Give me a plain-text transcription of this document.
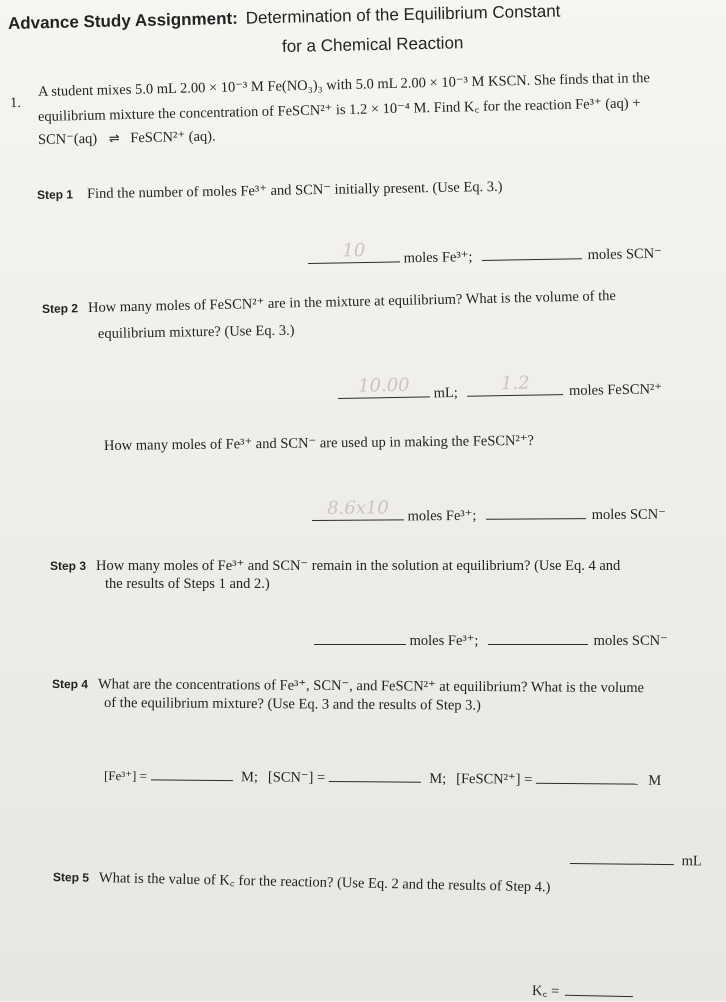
Advance Study Assignment: Determination of the Equilibrium Constant
for a Chemical Reaction
1.
A student mixes 5.0 mL 2.00 × 10⁻³ M Fe(NO₃)₃ with 5.0 mL 2.00 × 10⁻³ M KSCN. She finds that in the
equilibrium mixture the concentration of FeSCN²⁺ is 1.2 × 10⁻⁴ M. Find K꜀ for the reaction Fe³⁺ (aq) +
SCN⁻(aq) ⇌ FeSCN²⁺ (aq).
Step 1 Find the number of moles Fe³⁺ and SCN⁻ initially present. (Use Eq. 3.)
10	moles Fe³⁺;	moles SCN⁻
Step 2 How many moles of FeSCN²⁺ are in the mixture at equilibrium? What is the volume of the
equilibrium mixture? (Use Eq. 3.)
10.00 mL; 1.2	moles FeSCN²⁺
How many moles of Fe³⁺ and SCN⁻ are used up in making the FeSCN²⁺?
8.6x10 moles Fe³⁺;	moles SCN⁻
Step 3 How many moles of Fe³⁺ and SCN⁻ remain in the solution at equilibrium? (Use Eq. 4 and
the results of Steps 1 and 2.)
moles Fe³⁺;	moles SCN⁻
Step 4 What are the concentrations of Fe³⁺, SCN⁻, and FeSCN²⁺ at equilibrium? What is the volume
of the equilibrium mixture? (Use Eq. 3 and the results of Step 3.)
[Fe³⁺] =	M; [SCN⁻] =	M; [FeSCN²⁺] =	M
mL
Step 5 What is the value of K꜀ for the reaction? (Use Eq. 2 and the results of Step 4.)
K꜀ =
